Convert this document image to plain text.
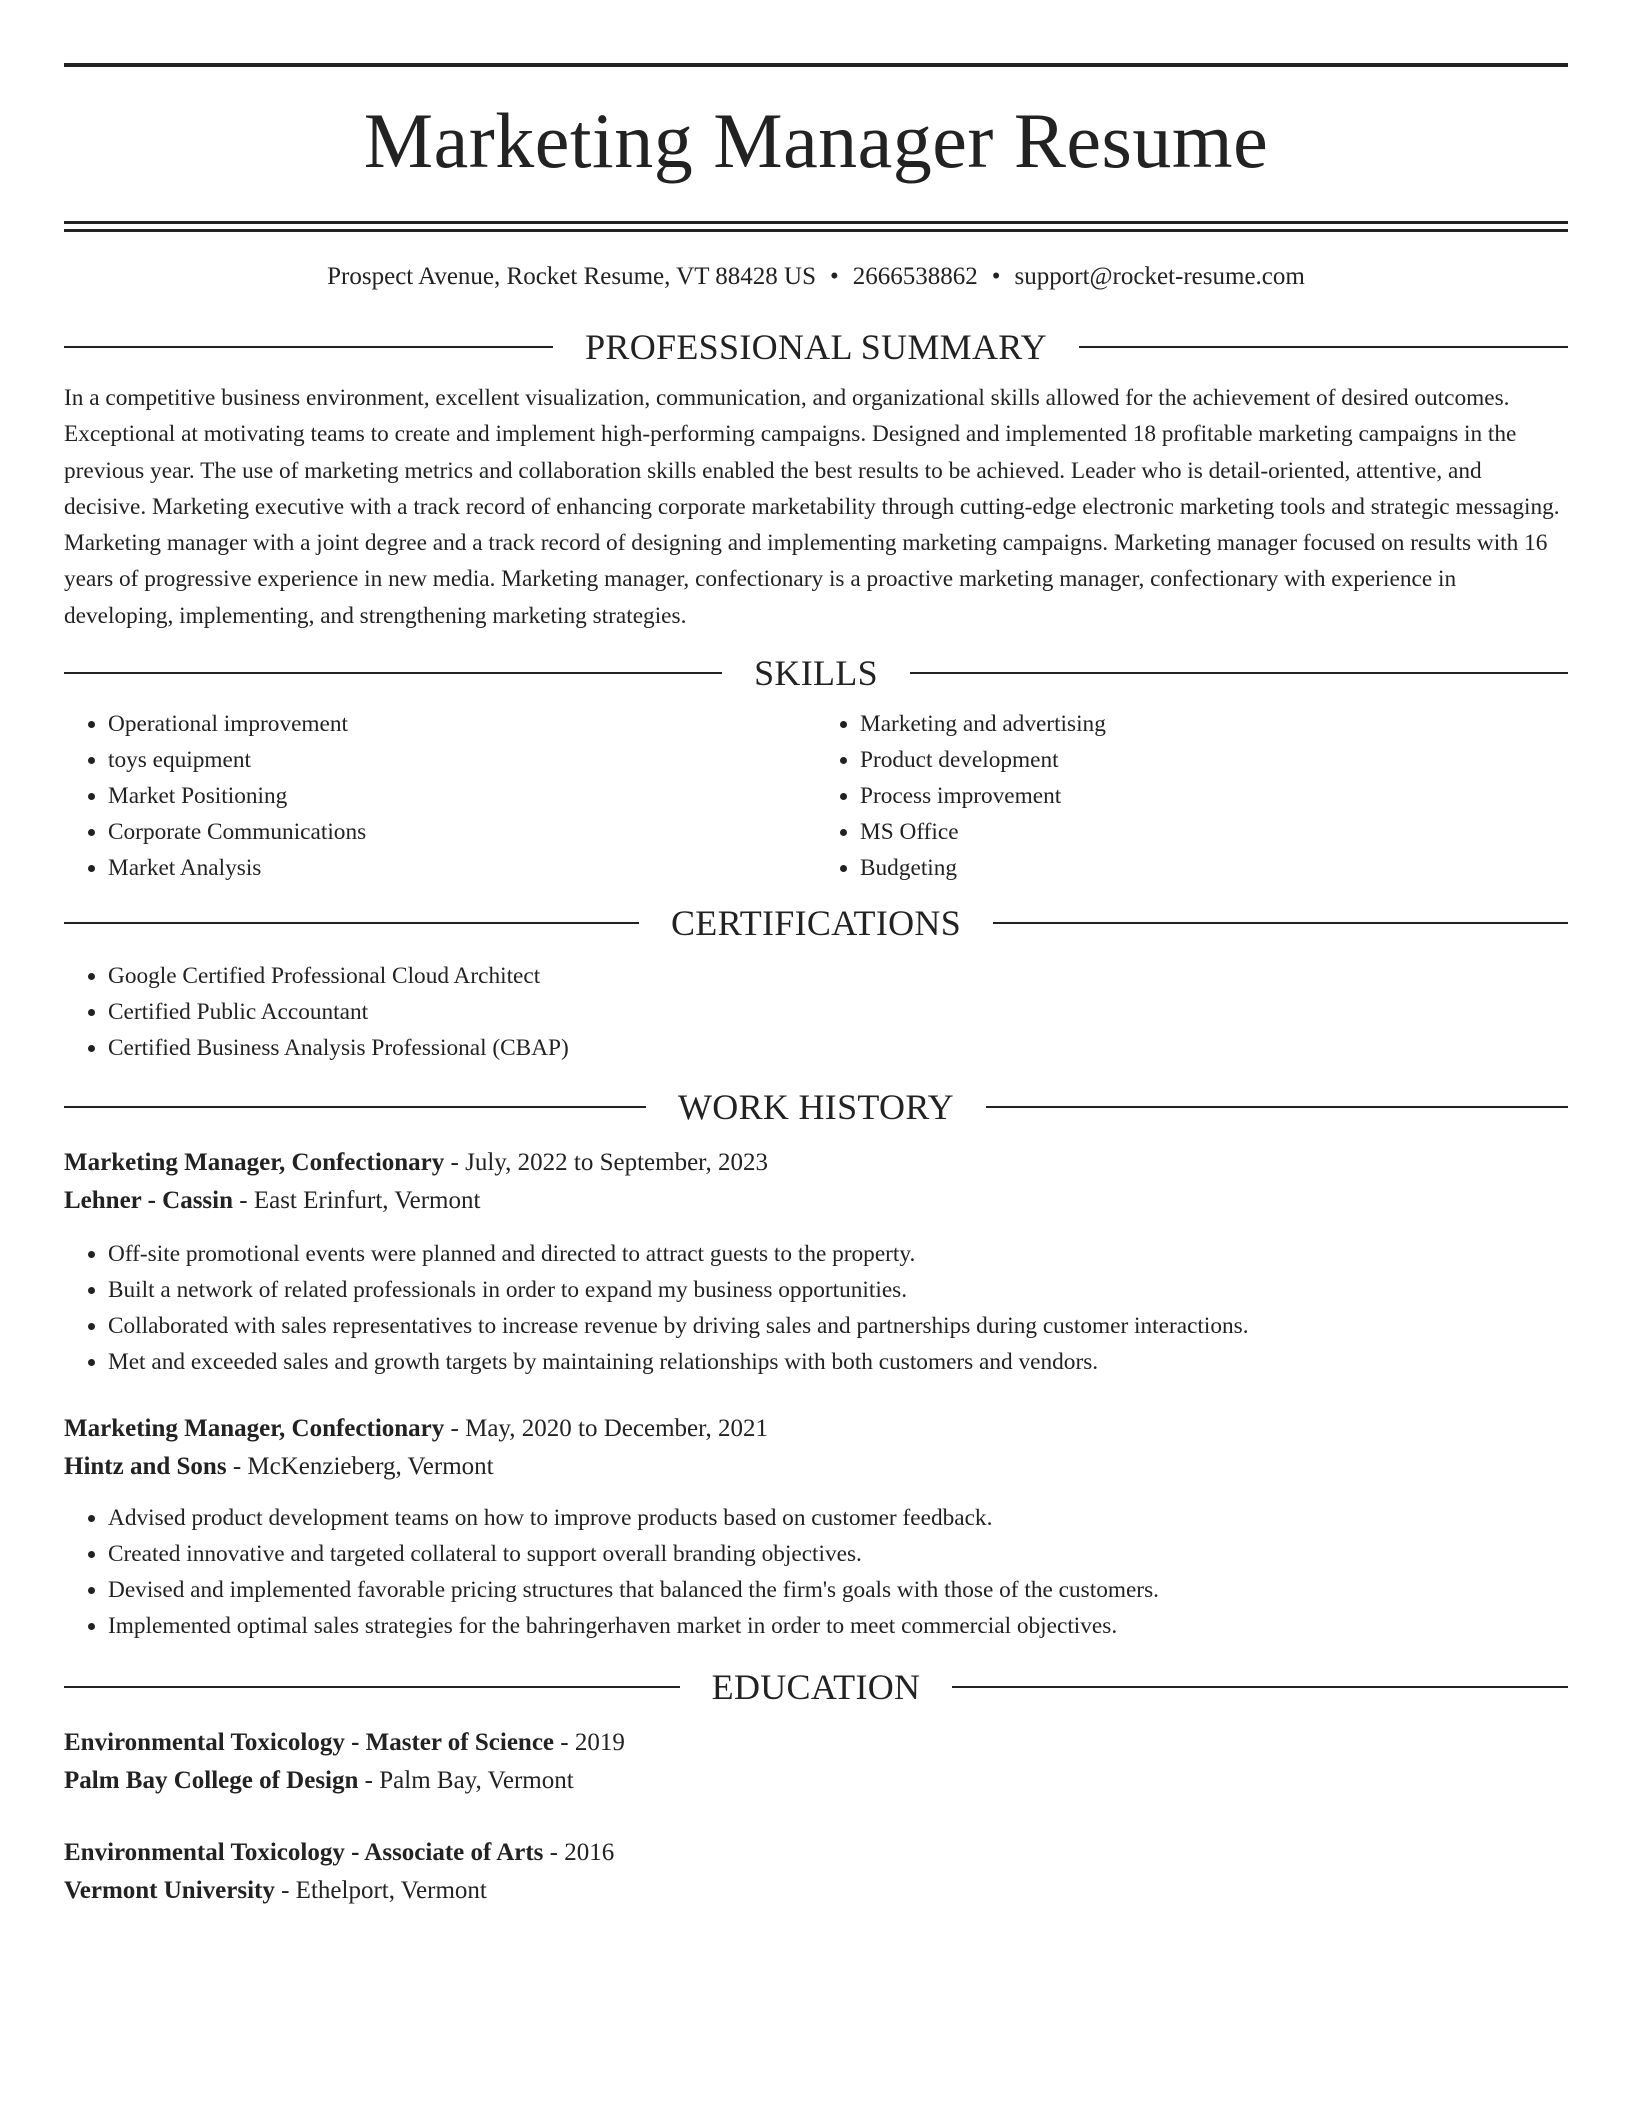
Marketing Manager Resume
Prospect Avenue, Rocket Resume, VT 88428 US • 2666538862 • support@rocket-resume.com
PROFESSIONAL SUMMARY

In a competitive business environment, excellent visualization, communication, and organizational skills allowed for the achievement of desired outcomes. Exceptional at motivating teams to create and implement high-performing campaigns. Designed and implemented 18 profitable marketing campaigns in the previous year. The use of marketing metrics and collaboration skills enabled the best results to be achieved. Leader who is detail-oriented, attentive, and decisive. Marketing executive with a track record of enhancing corporate marketability through cutting-edge electronic marketing tools and strategic messaging. Marketing manager with a joint degree and a track record of designing and implementing marketing campaigns. Marketing manager focused on results with 16 years of progressive experience in new media. Marketing manager, confectionary is a proactive marketing manager, confectionary with experience in developing, implementing, and strengthening marketing strategies.

SKILLS
• Operational improvement
• toys equipment
• Market Positioning
• Corporate Communications
• Market Analysis
• Marketing and advertising
• Product development
• Process improvement
• MS Office
• Budgeting
CERTIFICATIONS
• Google Certified Professional Cloud Architect
• Certified Public Accountant
• Certified Business Analysis Professional (CBAP)
WORK HISTORY
Marketing Manager, Confectionary - July, 2022 to September, 2023
Lehner - Cassin - East Erinfurt, Vermont
• Off-site promotional events were planned and directed to attract guests to the property.
• Built a network of related professionals in order to expand my business opportunities.
• Collaborated with sales representatives to increase revenue by driving sales and partnerships during customer interactions.
• Met and exceeded sales and growth targets by maintaining relationships with both customers and vendors.
Marketing Manager, Confectionary - May, 2020 to December, 2021
Hintz and Sons - McKenzieberg, Vermont
• Advised product development teams on how to improve products based on customer feedback.
• Created innovative and targeted collateral to support overall branding objectives.
• Devised and implemented favorable pricing structures that balanced the firm's goals with those of the customers.
• Implemented optimal sales strategies for the bahringerhaven market in order to meet commercial objectives.
EDUCATION
Environmental Toxicology - Master of Science - 2019
Palm Bay College of Design - Palm Bay, Vermont
Environmental Toxicology - Associate of Arts - 2016
Vermont University - Ethelport, Vermont
